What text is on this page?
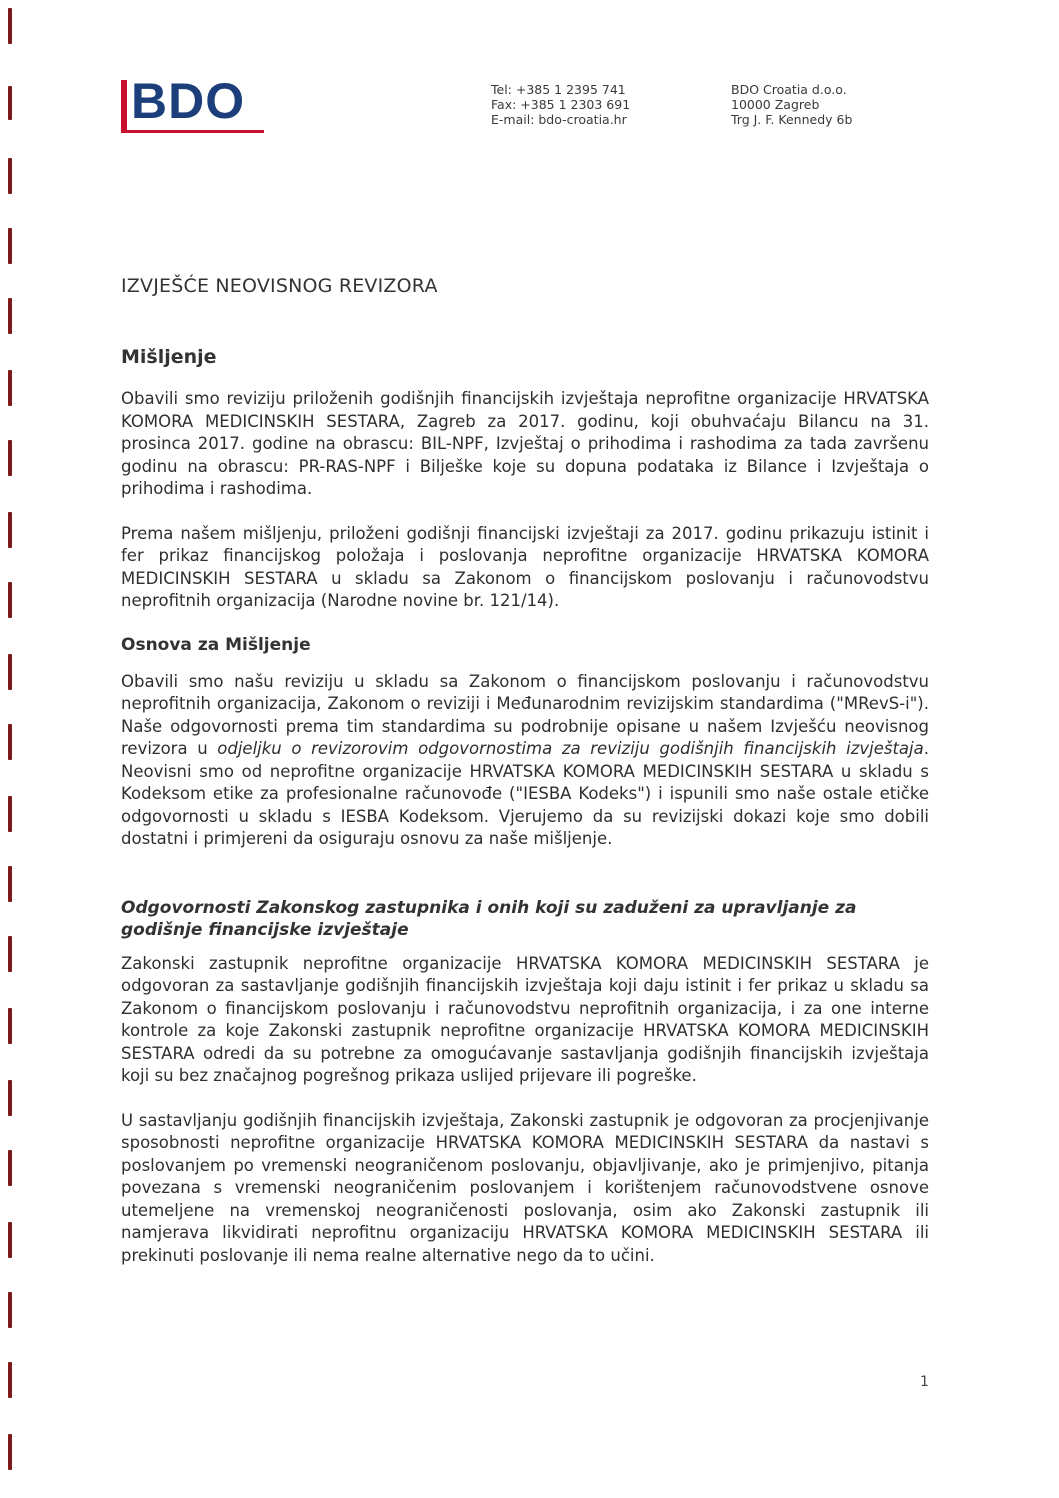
BDO	Tel: +385 1 2395 741
Fax: +385 1 2303 691
E-mail: bdo-croatia.hr
BDO Croatia d.o.o.
10000 Zagreb
Trg J. F. Kennedy 6b
IZVJEŠĆE NEOVISNOG REVIZORA
Mišljenje

Obavili smo reviziju priloženih godišnjih financijskih izvještaja neprofitne organizacije HRVATSKA KOMORA MEDICINSKIH SESTARA, Zagreb za 2017. godinu, koji obuhvaćaju Bilancu na 31. prosinca 2017. godine na obrascu: BIL-NPF, Izvještaj o prihodima i rashodima za tada završenu godinu na obrascu: PR-RAS-NPF i Bilješke koje su dopuna podataka iz Bilance i Izvještaja o prihodima i rashodima.

Prema našem mišljenju, priloženi godišnji financijski izvještaji za 2017. godinu prikazuju istinit i fer prikaz financijskog položaja i poslovanja neprofitne organizacije HRVATSKA KOMORA MEDICINSKIH SESTARA u skladu sa Zakonom o financijskom poslovanju i računovodstvu neprofitnih organizacija (Narodne novine br. 121/14).

Osnova za Mišljenje

Obavili smo našu reviziju u skladu sa Zakonom o financijskom poslovanju i računovodstvu neprofitnih organizacija, Zakonom o reviziji i Međunarodnim revizijskim standardima ("MRevS-i"). Naše odgovornosti prema tim standardima su podrobnije opisane u našem Izvješću neovisnog revizora u odjeljku o revizorovim odgovornostima za reviziju godišnjih financijskih izvještaja. Neovisni smo od neprofitne organizacije HRVATSKA KOMORA MEDICINSKIH SESTARA u skladu s Kodeksom etike za profesionalne računovođe ("IESBA Kodeks") i ispunili smo naše ostale etičke odgovornosti u skladu s IESBA Kodeksom. Vjerujemo da su revizijski dokazi koje smo dobili dostatni i primjereni da osiguraju osnovu za naše mišljenje.

Odgovornosti Zakonskog zastupnika i onih koji su zaduženi za upravljanje za godišnje financijske izvještaje

Zakonski zastupnik neprofitne organizacije HRVATSKA KOMORA MEDICINSKIH SESTARA je odgovoran za sastavljanje godišnjih financijskih izvještaja koji daju istinit i fer prikaz u skladu sa Zakonom o financijskom poslovanju i računovodstvu neprofitnih organizacija, i za one interne kontrole za koje Zakonski zastupnik neprofitne organizacije HRVATSKA KOMORA MEDICINSKIH SESTARA odredi da su potrebne za omogućavanje sastavljanja godišnjih financijskih izvještaja koji su bez značajnog pogrešnog prikaza uslijed prijevare ili pogreške.

U sastavljanju godišnjih financijskih izvještaja, Zakonski zastupnik je odgovoran za procjenjivanje sposobnosti neprofitne organizacije HRVATSKA KOMORA MEDICINSKIH SESTARA da nastavi s poslovanjem po vremenski neograničenom poslovanju, objavljivanje, ako je primjenjivo, pitanja povezana s vremenski neograničenim poslovanjem i korištenjem računovodstvene osnove utemeljene na vremenskoj neograničenosti poslovanja, osim ako Zakonski zastupnik ili namjerava likvidirati neprofitnu organizaciju HRVATSKA KOMORA MEDICINSKIH SESTARA ili prekinuti poslovanje ili nema realne alternative nego da to učini.

1
